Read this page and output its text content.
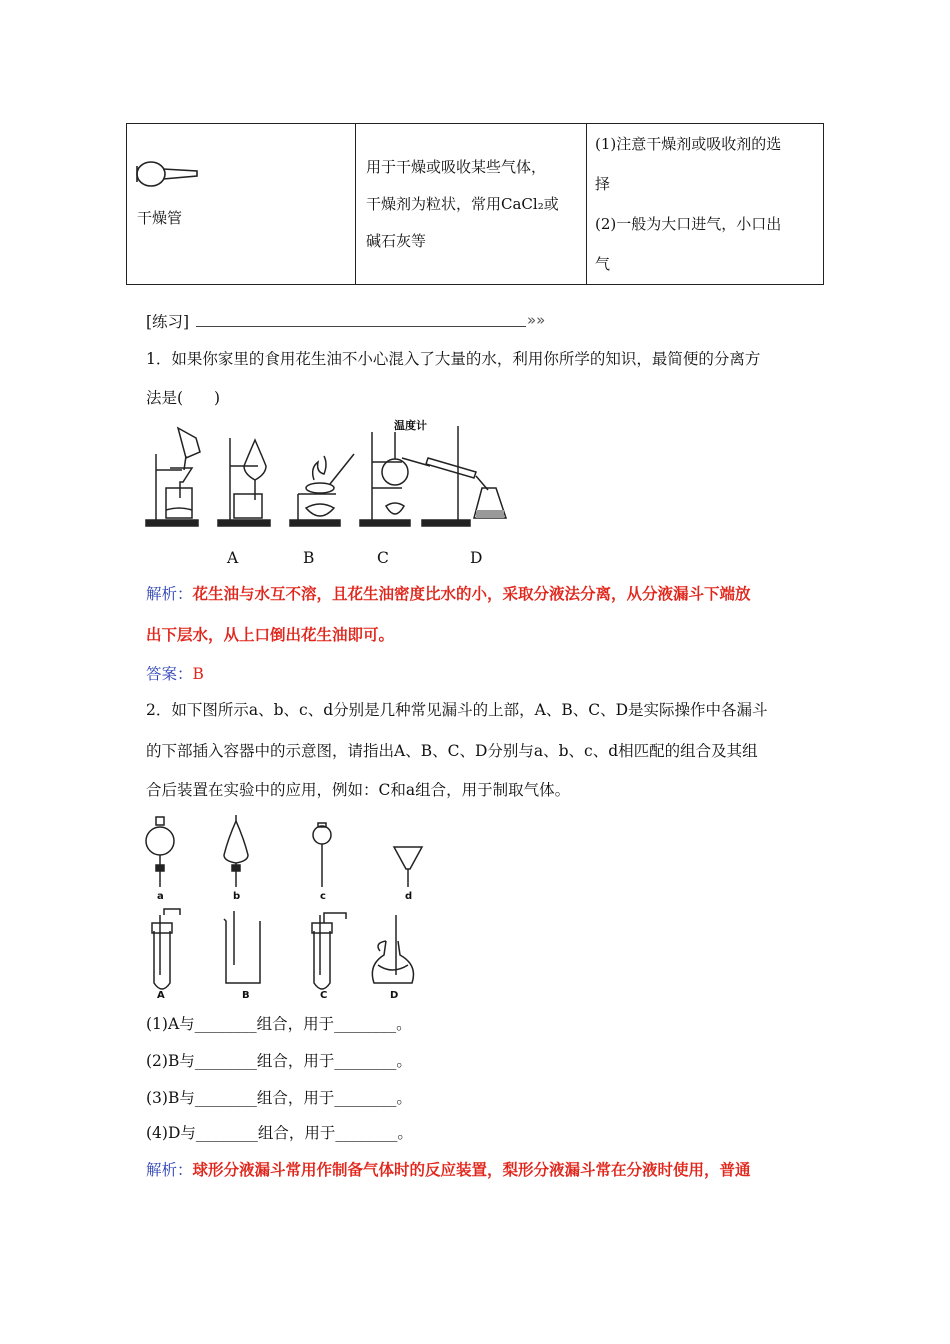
干燥管

用于干燥或吸收某些气体，
干燥剂为粒状，常用CaCl₂或
碱石灰等

(1)注意干燥剂或吸收剂的选
择
(2)一般为大口进气，小口出
气
[练习]	»»
1．如果你家里的食用花生油不小心混入了大量的水，利用你所学的知识，最简便的分离方
法是(　　)
温度计
A	B	C	D
解析：花生油与水互不溶，且花生油密度比水的小，采取分液法分离，从分液漏斗下端放
出下层水，从上口倒出花生油即可。
答案：B
2．如下图所示a、b、c、d分别是几种常见漏斗的上部，A、B、C、D是实际操作中各漏斗
的下部插入容器中的示意图，请指出A、B、C、D分别与a、b、c、d相匹配的组合及其组
合后装置在实验中的应用，例如：C和a组合，用于制取气体。
a	b	c	d
A	B	C	D
(1)A与________组合，用于________。
(2)B与________组合，用于________。
(3)B与________组合，用于________。
(4)D与________组合，用于________。
解析：球形分液漏斗常用作制备气体时的反应装置，梨形分液漏斗常在分液时使用，普通
